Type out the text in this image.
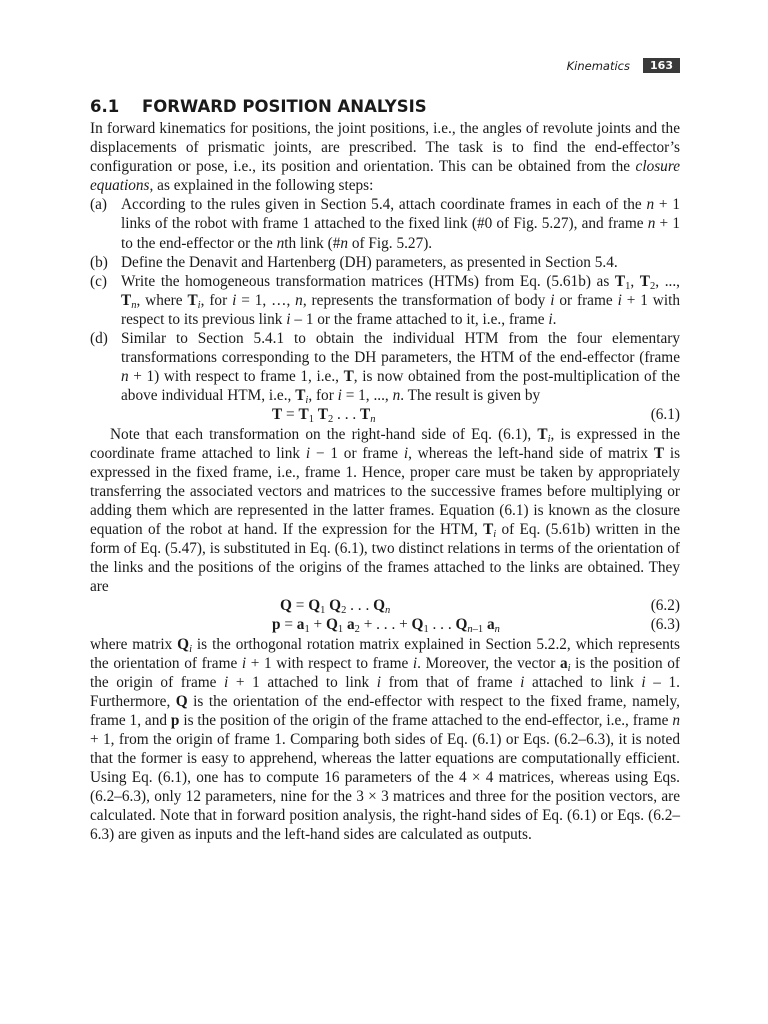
Kinematics	163
6.1 FORWARD POSITION ANALYSIS

In forward kinematics for positions, the joint positions, i.e., the angles of revolute joints and the displacements of prismatic joints, are prescribed. The task is to find the end-effector’s configuration or pose, i.e., its position and orientation. This can be obtained from the closure equations, as explained in the following steps:

(a) According to the rules given in Section 5.4, attach coordinate frames in each of the n + 1 links of the robot with frame 1 attached to the fixed link (#0 of Fig. 5.27), and frame n + 1 to the end-effector or the nth link (#n of Fig. 5.27).
(b) Define the Denavit and Hartenberg (DH) parameters, as presented in Section 5.4.
(c) Write the homogeneous transformation matrices (HTMs) from Eq. (5.61b) as $T_1$, $T_2$, ..., $T_n$, where $T_i$, for i = 1, …, n, represents the transformation of body i or frame i + 1 with respect to its previous link i – 1 or the frame attached to it, i.e., frame i.
(d) Similar to Section 5.4.1 to obtain the individual HTM from the four elementary transformations corresponding to the DH parameters, the HTM of the end-effector (frame n + 1) with respect to frame 1, i.e., T, is now obtained from the post-multiplication of the above individual HTM, i.e., $T_i$, for i = 1, ..., n. The result is given by
$T = T_1$ $T_2$ . . . $T_n$	(6.1)

Note that each transformation on the right-hand side of Eq. (6.1), $T_i$, is expressed in the coordinate frame attached to link i − 1 or frame i, whereas the left-hand side of matrix T is expressed in the fixed frame, i.e., frame 1. Hence, proper care must be taken by appropriately transferring the associated vectors and matrices to the successive frames before multiplying or adding them which are represented in the latter frames. Equation (6.1) is known as the closure equation of the robot at hand. If the expression for the HTM, $T_i$ of Eq. (5.61b) written in the form of Eq. (5.47), is substituted in Eq. (6.1), two distinct relations in terms of the orientation of the links and the positions of the origins of the frames attached to the links are obtained. They are

$Q = Q_1$ $Q_2$ . . . $Q_n$	(6.2)
$p = a_1 + Q_1$ $a_2$ + . . . + $Q_1$ . . . $Q_{n-1}$ $a_n$	(6.3)

where matrix $Q_i$ is the orthogonal rotation matrix explained in Section 5.2.2, which represents the orientation of frame i + 1 with respect to frame i. Moreover, the vector $a_i$ is the position of the origin of frame i + 1 attached to link i from that of frame i attached to link i – 1. Furthermore, Q is the orientation of the end-effector with respect to the fixed frame, namely, frame 1, and p is the position of the origin of the frame attached to the end-effector, i.e., frame n + 1, from the origin of frame 1. Comparing both sides of Eq. (6.1) or Eqs. (6.2–6.3), it is noted that the former is easy to apprehend, whereas the latter equations are computationally efficient. Using Eq. (6.1), one has to compute 16 parameters of the 4 × 4 matrices, whereas using Eqs. (6.2–6.3), only 12 parameters, nine for the 3 × 3 matrices and three for the position vectors, are calculated. Note that in forward position analysis, the right-hand sides of Eq. (6.1) or Eqs. (6.2–6.3) are given as inputs and the left-hand sides are calculated as outputs.
